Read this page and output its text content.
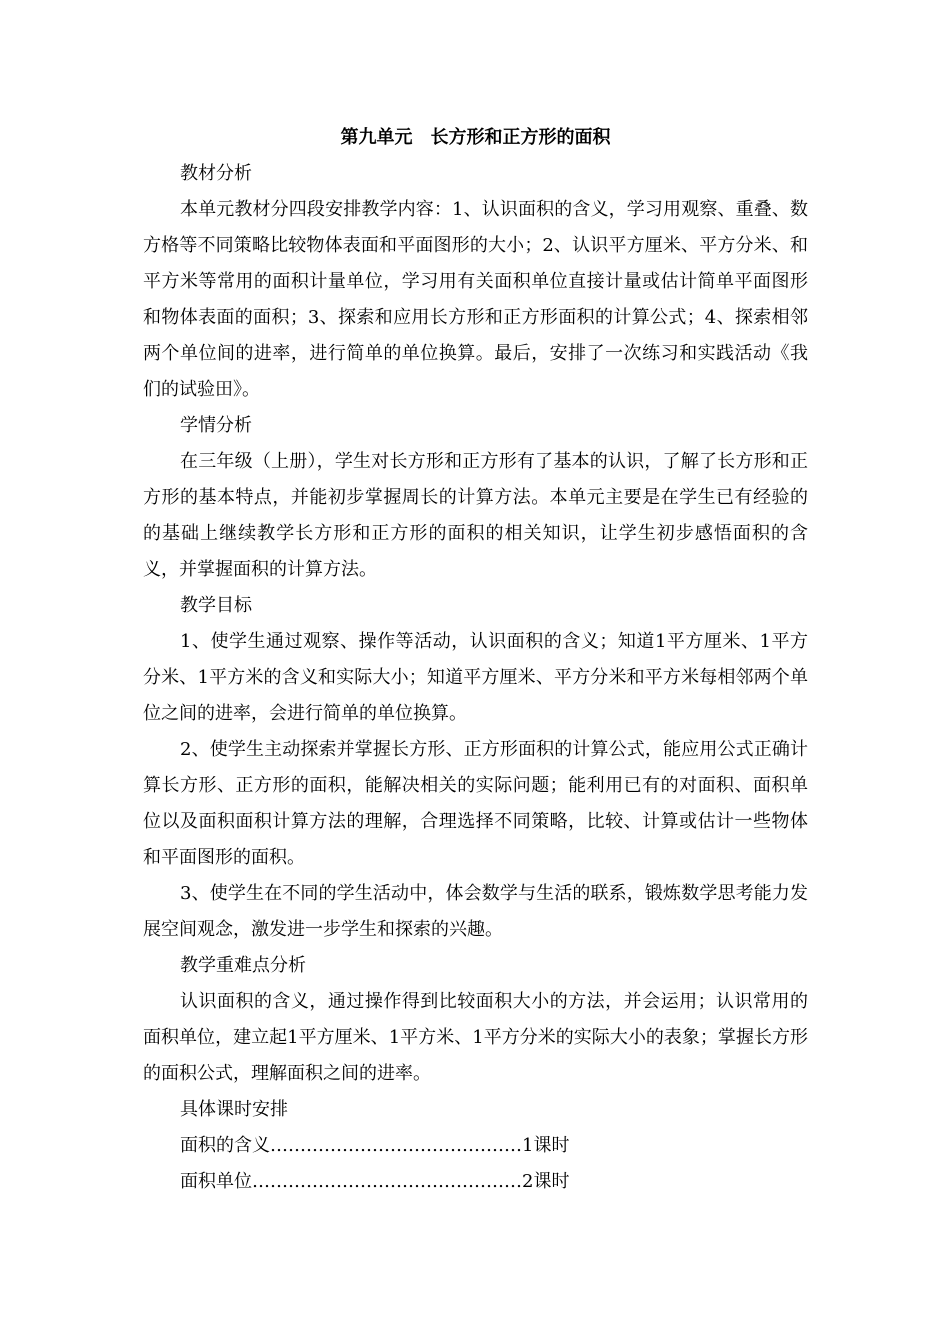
第九单元　长方形和正方形的面积

教材分析

本单元教材分四段安排教学内容：1、认识面积的含义，学习用观察、重叠、数方格等不同策略比较物体表面和平面图形的大小；2、认识平方厘米、平方分米、和平方米等常用的面积计量单位，学习用有关面积单位直接计量或估计简单平面图形和物体表面的面积；3、探索和应用长方形和正方形面积的计算公式；4、探索相邻两个单位间的进率，进行简单的单位换算。最后，安排了一次练习和实践活动《我们的试验田》。

学情分析

在三年级（上册），学生对长方形和正方形有了基本的认识，了解了长方形和正方形的基本特点，并能初步掌握周长的计算方法。本单元主要是在学生已有经验的的基础上继续教学长方形和正方形的面积的相关知识，让学生初步感悟面积的含义，并掌握面积的计算方法。

教学目标

1、使学生通过观察、操作等活动，认识面积的含义；知道1平方厘米、1平方分米、1平方米的含义和实际大小；知道平方厘米、平方分米和平方米每相邻两个单位之间的进率，会进行简单的单位换算。

2、使学生主动探索并掌握长方形、正方形面积的计算公式，能应用公式正确计算长方形、正方形的面积，能解决相关的实际问题；能利用已有的对面积、面积单位以及面积面积计算方法的理解，合理选择不同策略，比较、计算或估计一些物体和平面图形的面积。

3、使学生在不同的学生活动中，体会数学与生活的联系，锻炼数学思考能力发展空间观念，激发进一步学生和探索的兴趣。

教学重难点分析

认识面积的含义，通过操作得到比较面积大小的方法，并会运用；认识常用的面积单位，建立起1平方厘米、1平方米、1平方分米的实际大小的表象；掌握长方形的面积公式，理解面积之间的进率。

具体课时安排

面积的含义……………………………………1课时

面积单位………………………………………2课时
